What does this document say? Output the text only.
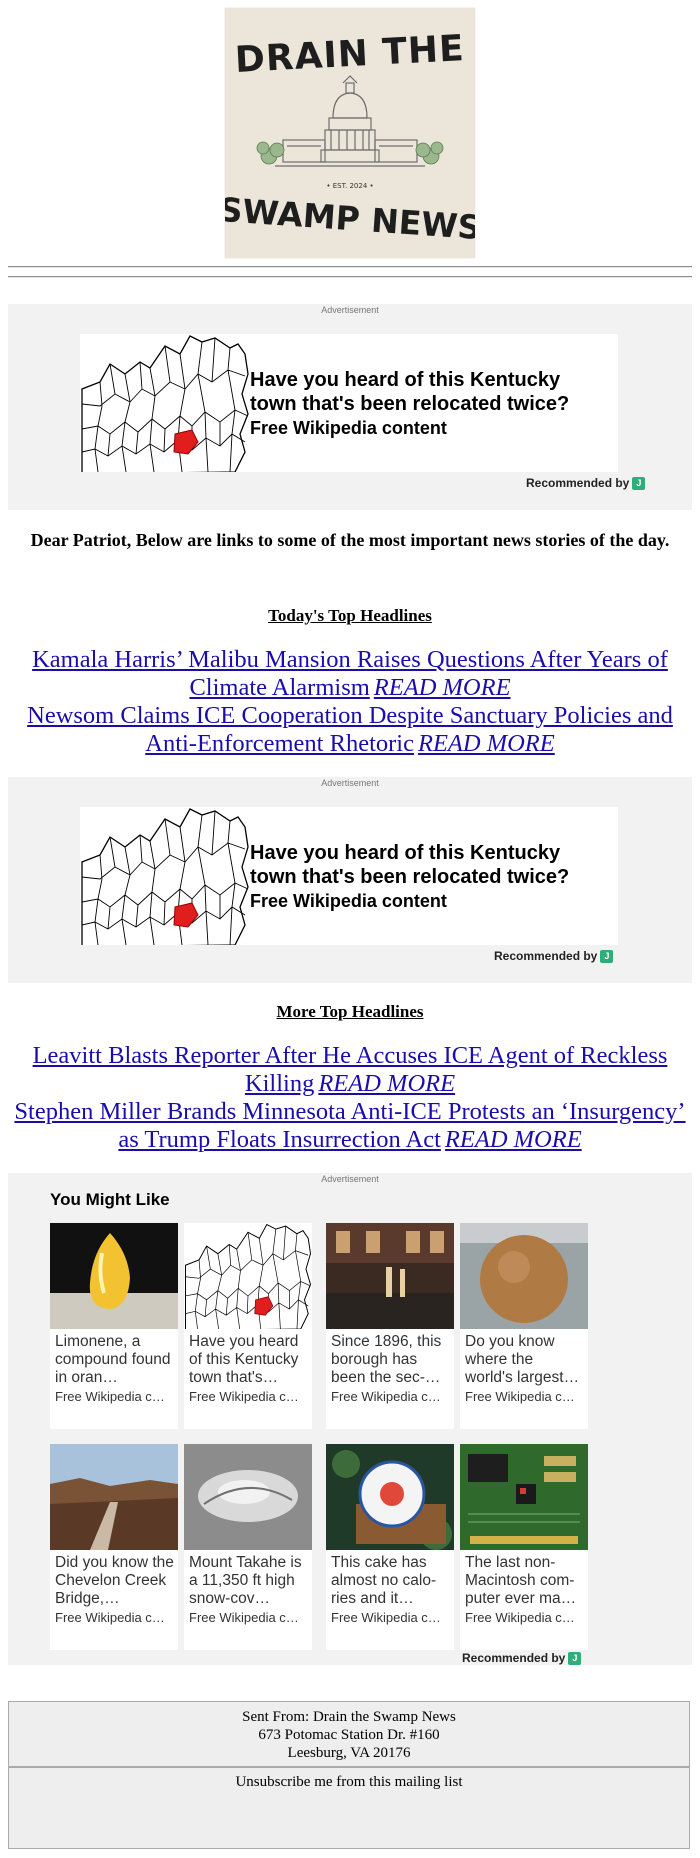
DRAIN THE
• EST. 2024 •
SWAMP NEWS
Advertisement
Have you heard of this Kentucky
town that's been relocated twice?
Free Wikipedia content
Recommended by J
Dear Patriot, Below are links to some of the most important news stories of the day.
Today's Top Headlines
Kamala Harris’ Malibu Mansion Raises Questions After Years of Climate Alarmism READ MORE
Newsom Claims ICE Cooperation Despite Sanctuary Policies and Anti-Enforcement Rhetoric READ MORE
Advertisement
Have you heard of this Kentucky
town that's been relocated twice?
Free Wikipedia content
Recommended by J
More Top Headlines
Leavitt Blasts Reporter After He Accuses ICE Agent of Reckless Killing READ MORE
Stephen Miller Brands Minnesota Anti-ICE Protests an ‘Insurgency’ as Trump Floats Insurrection Act READ MORE
Advertisement
You Might Like
Limonene, a compound found in oran…
Free Wikipedia c…
Have you heard of this Kentucky town that's…
Free Wikipedia c…
Since 1896, this borough has been the sec-…
Free Wikipedia c…
Do you know where the world's largest…
Free Wikipedia c…
Did you know the Chevelon Creek Bridge,…
Free Wikipedia c…
Mount Takahe is a 11,350 ft high snow-cov…
Free Wikipedia c…
This cake has almost no calo-ries and it…
Free Wikipedia c…
The last non-Macintosh com-puter ever ma…
Free Wikipedia c…
Recommended by J
Sent From: Drain the Swamp News
673 Potomac Station Dr. #160
Leesburg, VA 20176
Unsubscribe me from this mailing list
